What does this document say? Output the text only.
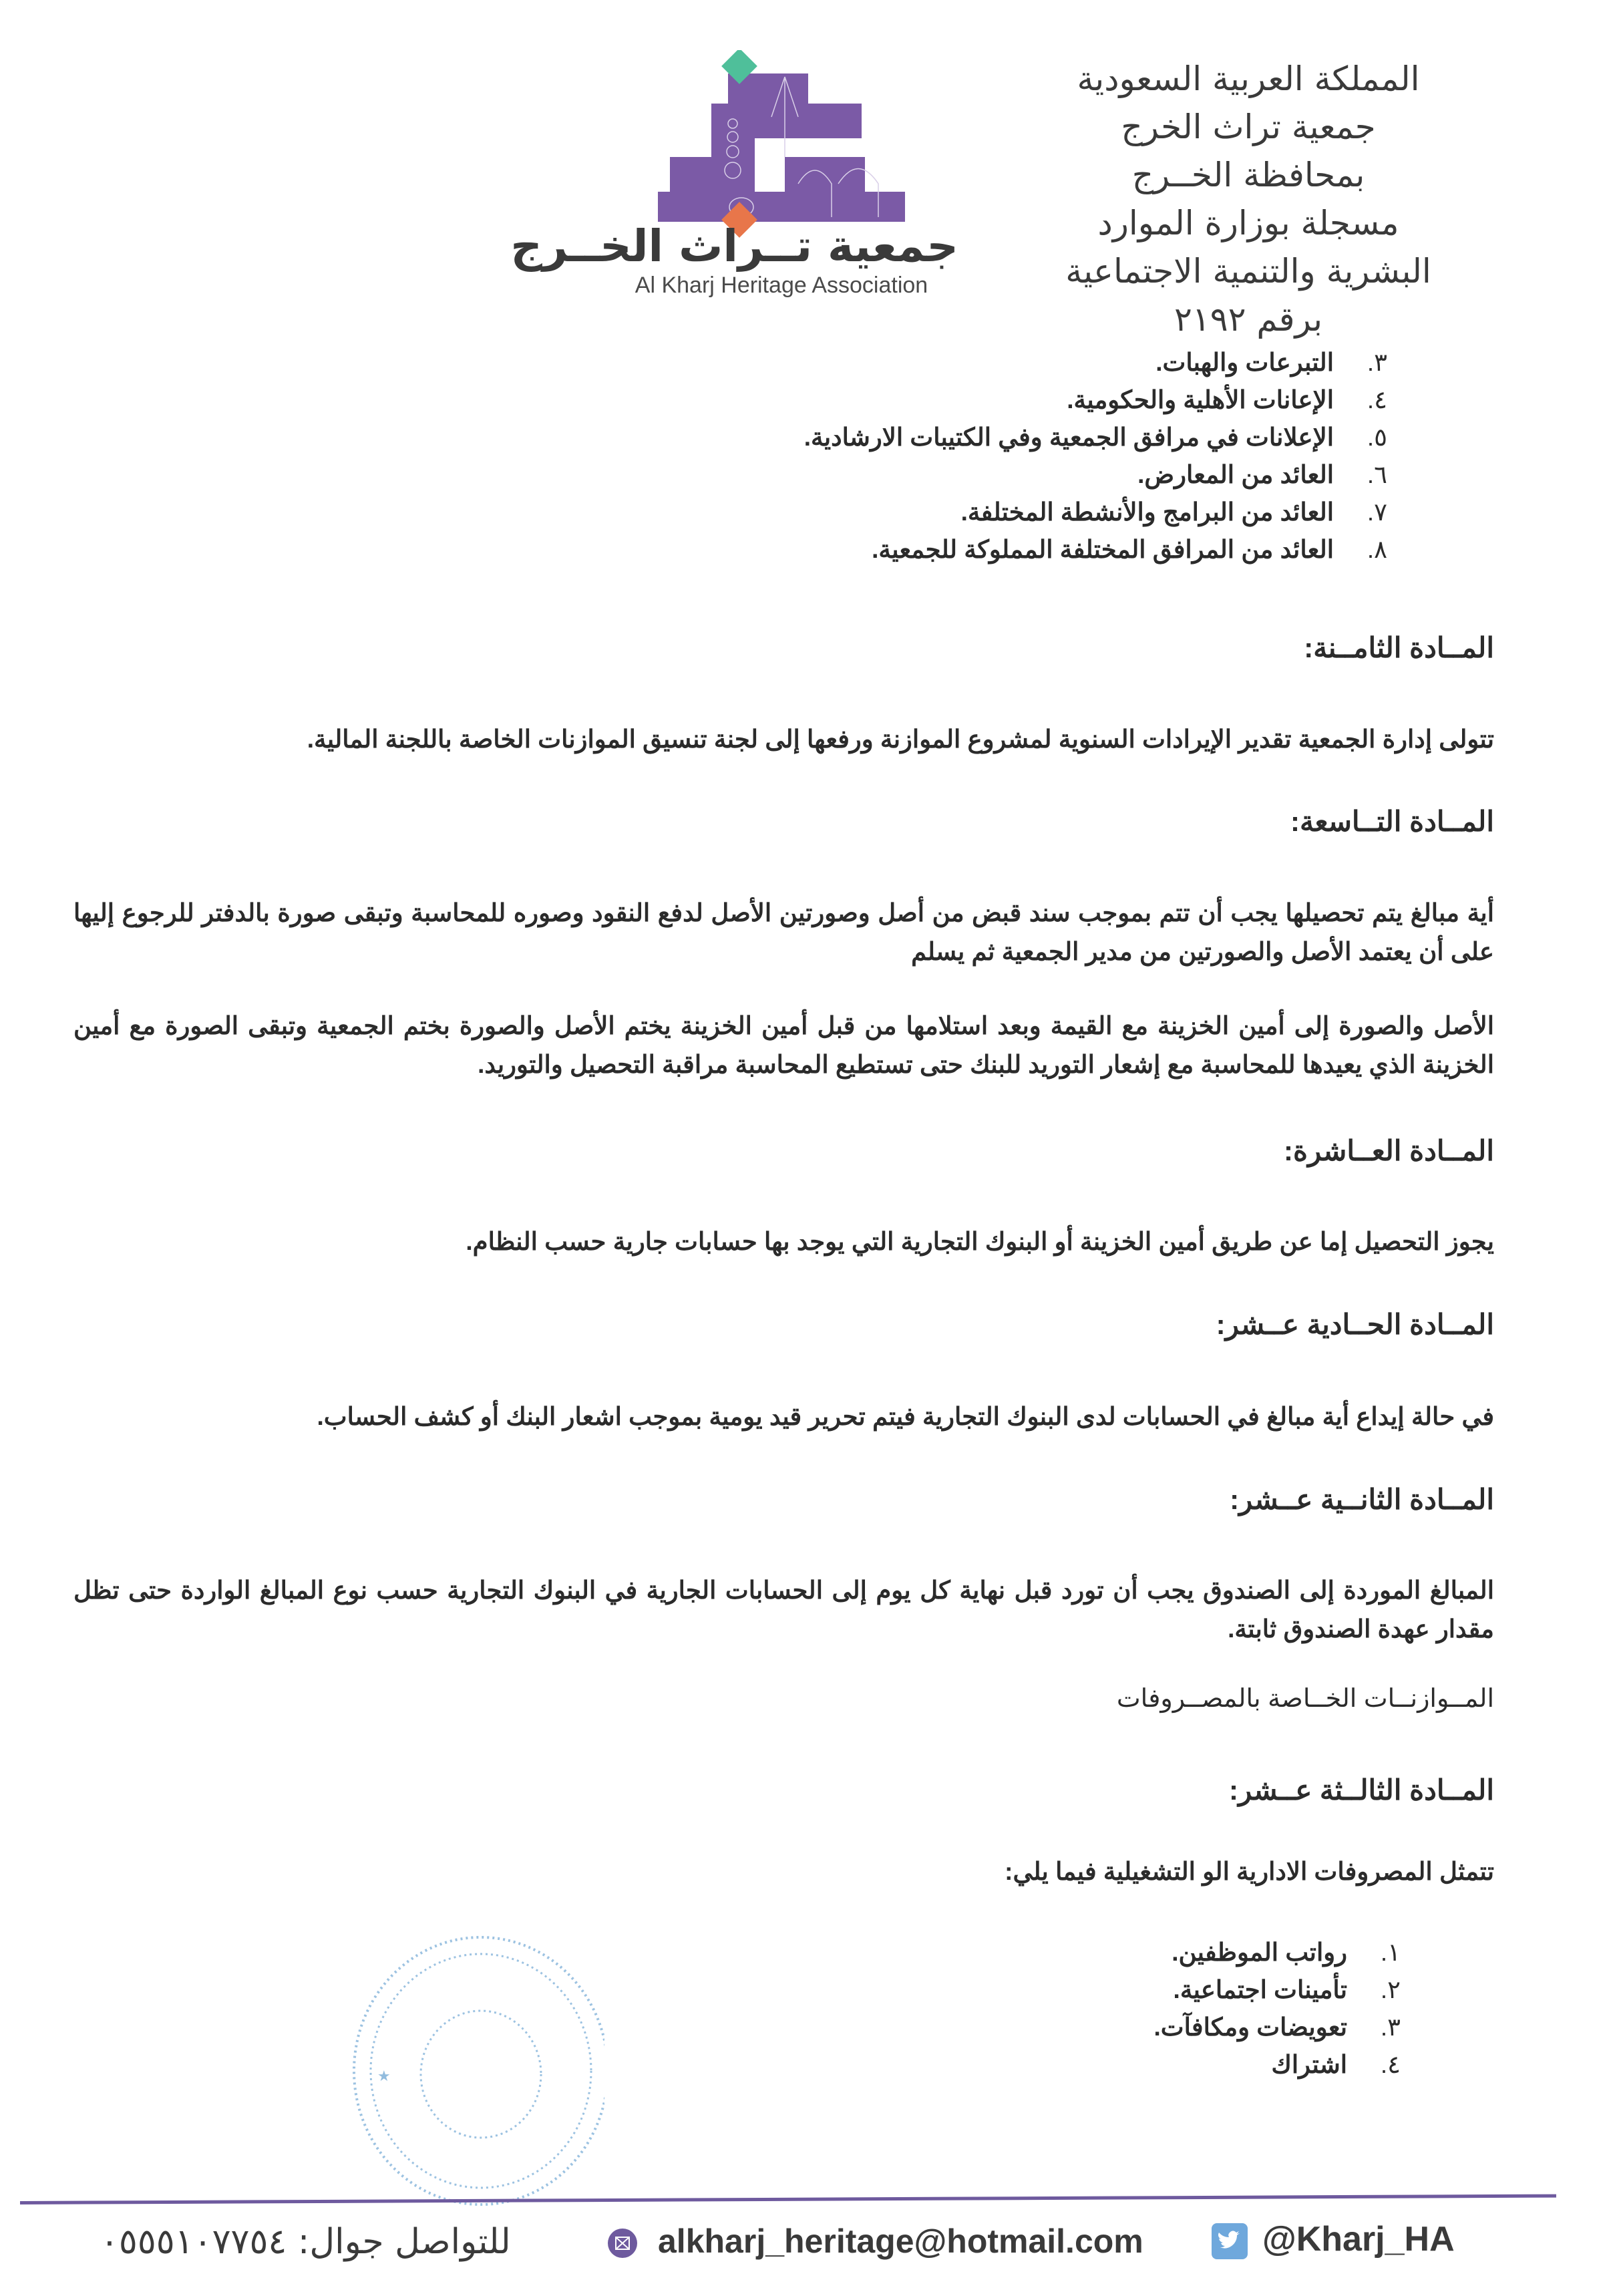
المملكة العربية السعودية
جمعية تراث الخرج
بمحافظة الخــرج
مسجلة بوزارة الموارد
البشرية والتنمية الاجتماعية
برقم ٢١٩٢
جمعية تــراث الخــرج
Al Kharj Heritage Association
٣.
التبرعات والهبات.
٤.
الإعانات الأهلية والحكومية.
٥.
الإعلانات في مرافق الجمعية وفي الكتيبات الارشادية.
٦.
العائد من المعارض.
٧.
العائد من البرامج والأنشطة المختلفة.
٨.
العائد من المرافق المختلفة المملوكة للجمعية.
المــادة الثامــنة:
تتولى إدارة الجمعية تقدير الإيرادات السنوية لمشروع الموازنة ورفعها إلى لجنة تنسيق الموازنات الخاصة باللجنة المالية.
المــادة التــاسعة:
أية مبالغ يتم تحصيلها يجب أن تتم بموجب سند قبض من أصل وصورتين الأصل لدفع النقود وصوره للمحاسبة وتبقى صورة بالدفتر للرجوع إليها على أن يعتمد الأصل والصورتين من مدير الجمعية ثم يسلم
الأصل والصورة إلى أمين الخزينة مع القيمة وبعد استلامها من قبل أمين الخزينة يختم الأصل والصورة بختم الجمعية وتبقى الصورة مع أمين الخزينة الذي يعيدها للمحاسبة مع إشعار التوريد للبنك حتى تستطيع المحاسبة مراقبة التحصيل والتوريد.
المــادة العــاشرة:
يجوز التحصيل إما عن طريق أمين الخزينة أو البنوك التجارية التي يوجد بها حسابات جارية حسب النظام.
المــادة الحــادية عــشر:
في حالة إيداع أية مبالغ في الحسابات لدى البنوك التجارية فيتم تحرير قيد يومية بموجب اشعار البنك أو كشف الحساب.
المــادة الثانــية عــشر:
المبالغ الموردة إلى الصندوق يجب أن تورد قبل نهاية كل يوم إلى الحسابات الجارية في البنوك التجارية حسب نوع المبالغ الواردة حتى تظل مقدار عهدة الصندوق ثابتة.
المــوازنــات الخــاصة بالمصــروفات
المــادة الثالــثة عــشر:
تتمثل المصروفات الادارية الو التشغيلية فيما يلي:
١.
رواتب الموظفين.
٢.
تأمينات اجتماعية.
٣.
تعويضات ومكافآت.
٤.
اشتراك
★
للتواصل جوال: ٠٥٥٥١٠٧٧٥٤	alkharj_heritage@hotmail.com	@Kharj_HA
